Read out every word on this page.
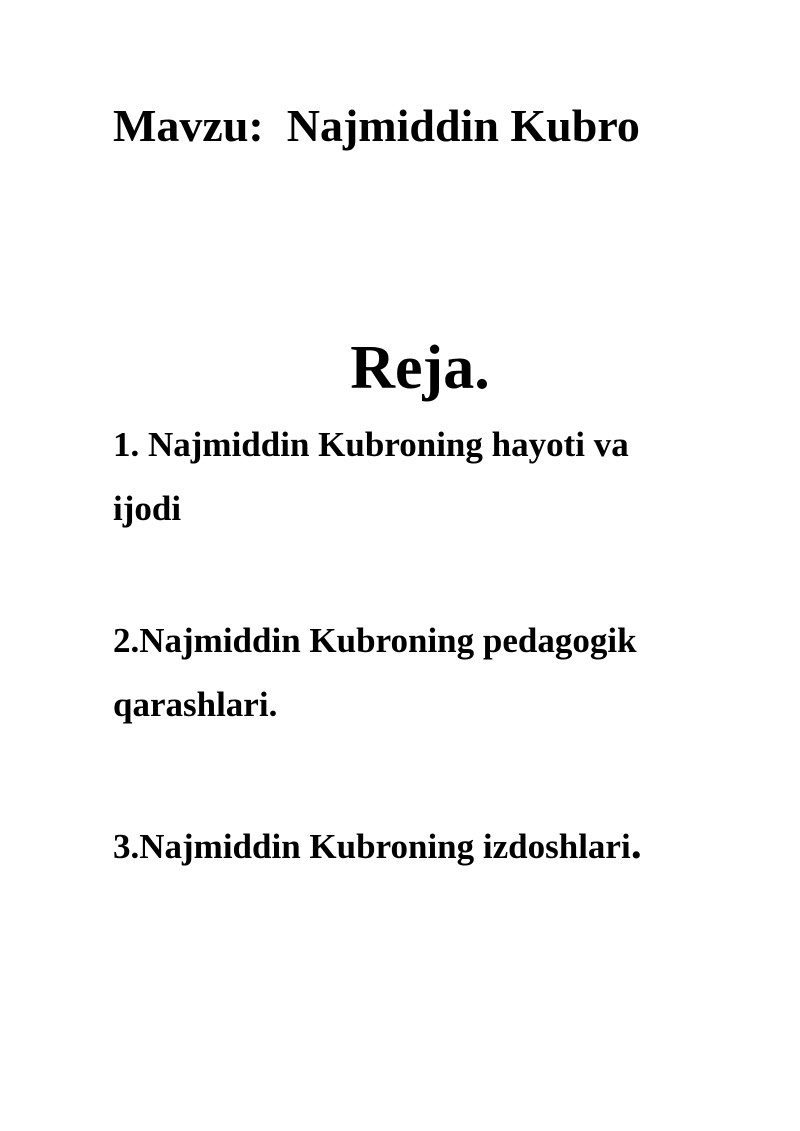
Mavzu:  Najmiddin Kubro
Reja.
1. Najmiddin Kubroning hayoti va ijodi
2.Najmiddin Kubroning pedagogik qarashlari.
3.Najmiddin Kubroning izdoshlari.
